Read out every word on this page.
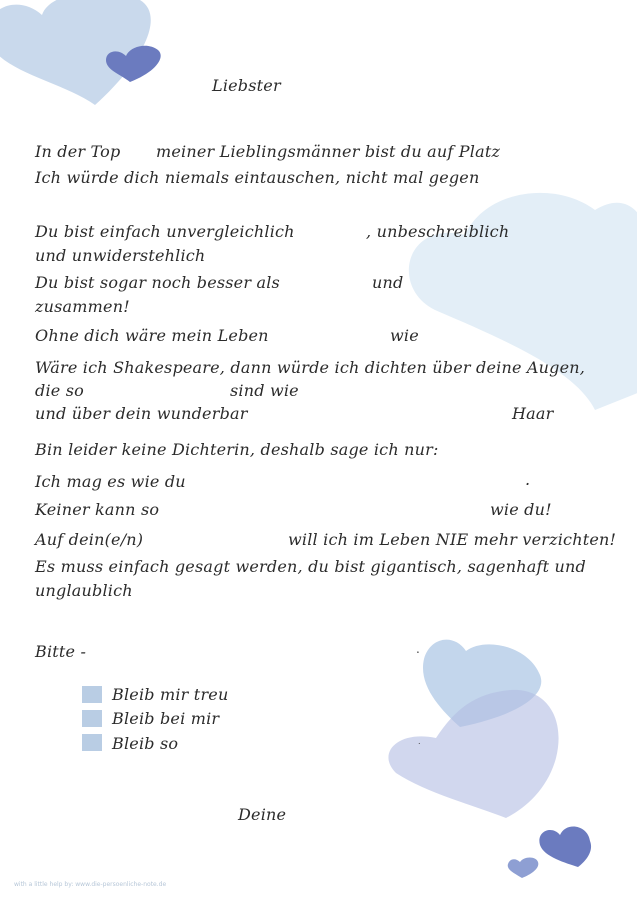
Liebster
In der Top meiner Lieblingsmänner bist du auf Platz
Ich würde dich niemals eintauschen, nicht mal gegen
Du bist einfach unvergleichlich	, unbeschreiblich
und unwiderstehlich
Du bist sogar noch besser als	und
zusammen!
Ohne dich wäre mein Leben	wie
Wäre ich Shakespeare, dann würde ich dichten über deine Augen,
die so	sind wie
und über dein wunderbar	Haar
Bin leider keine Dichterin, deshalb sage ich nur:
Ich mag es wie du	.
Keiner kann so	wie du!
Auf dein(e/n)	will ich im Leben NIE mehr verzichten!
Es muss einfach gesagt werden, du bist gigantisch, sagenhaft und
unglaublich
Bitte -	.
Bleib mir treu
Bleib bei mir
Bleib so	.
Deine
with a little help by: www.die-persoenliche-note.de
